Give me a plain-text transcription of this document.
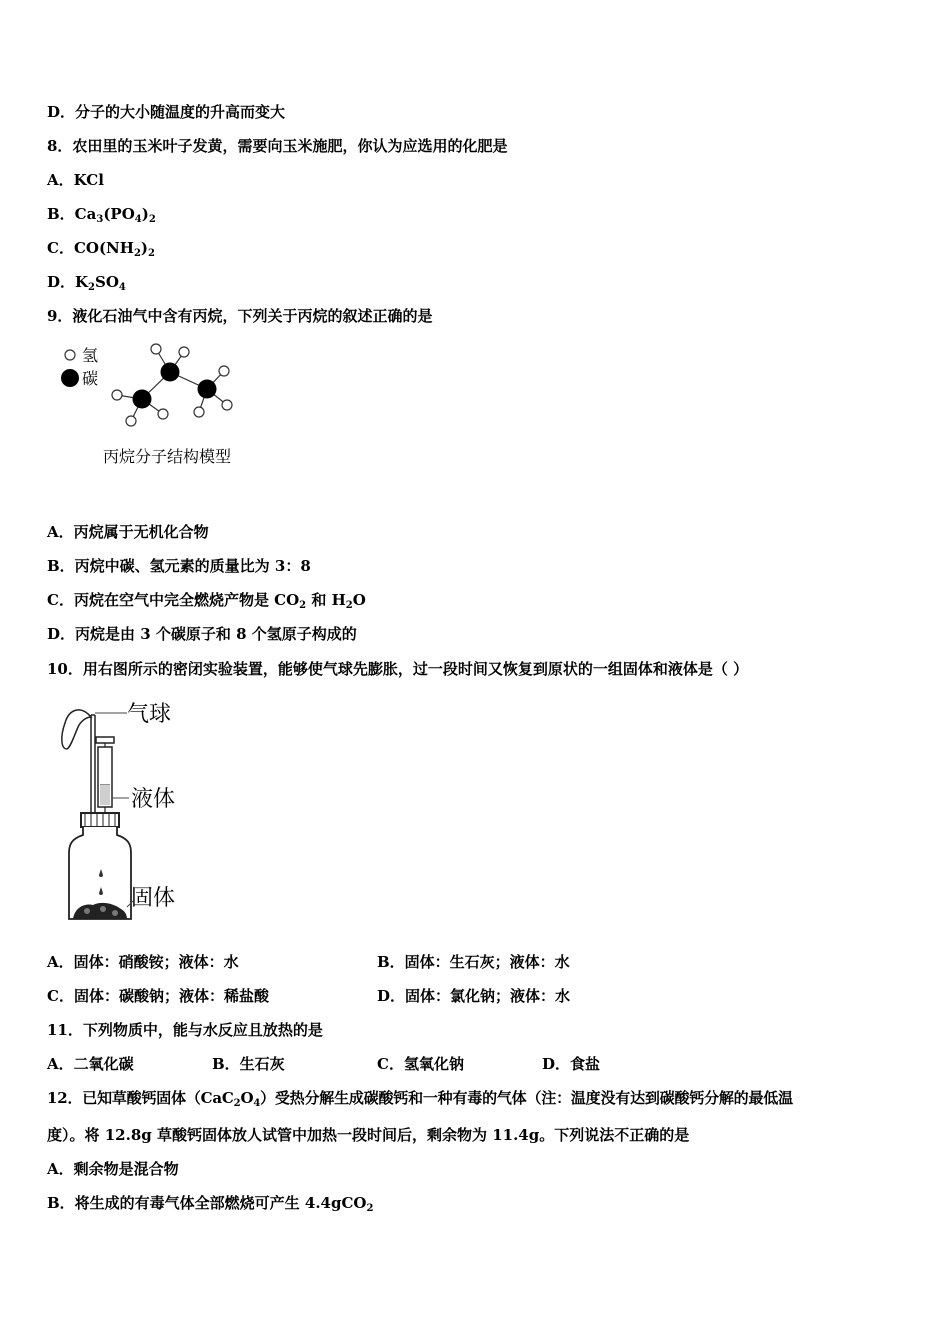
D．分子的大小随温度的升高而变大
8．农田里的玉米叶子发黄，需要向玉米施肥，你认为应选用的化肥是
A．KCl
B．$Ca_3(PO_4)_2$
C．$CO(NH_2)_2$
D．$K_2SO_4$
9．液化石油气中含有丙烷，下列关于丙烷的叙述正确的是
氢
碳
丙烷分子结构模型
A．丙烷属于无机化合物
B．丙烷中碳、氢元素的质量比为 3：8
C．丙烷在空气中完全燃烧产物是 $CO_2$ 和 $H_2O$
D．丙烷是由 3 个碳原子和 8 个氢原子构成的
10．用右图所示的密闭实验装置，能够使气球先膨胀，过一段时间又恢复到原状的一组固体和液体是（ ）
气球
液体
固体
A．固体：硝酸铵；液体：水	B．固体：生石灰；液体：水
C．固体：碳酸钠；液体：稀盐酸	D．固体：氯化钠；液体：水
11．下列物质中，能与水反应且放热的是
A．二氧化碳	B．生石灰	C．氢氧化钠	D．食盐
12．已知草酸钙固体$(CaC_2O_4)$受热分解生成碳酸钙和一种有毒的气体（注：温度没有达到碳酸钙分解的最低温
度）。将 12.8g 草酸钙固体放人试管中加热一段时间后，剩余物为 11.4g。下列说法不正确的是
A．剩余物是混合物
B．将生成的有毒气体全部燃烧可产生 4.4gCO$_2$
